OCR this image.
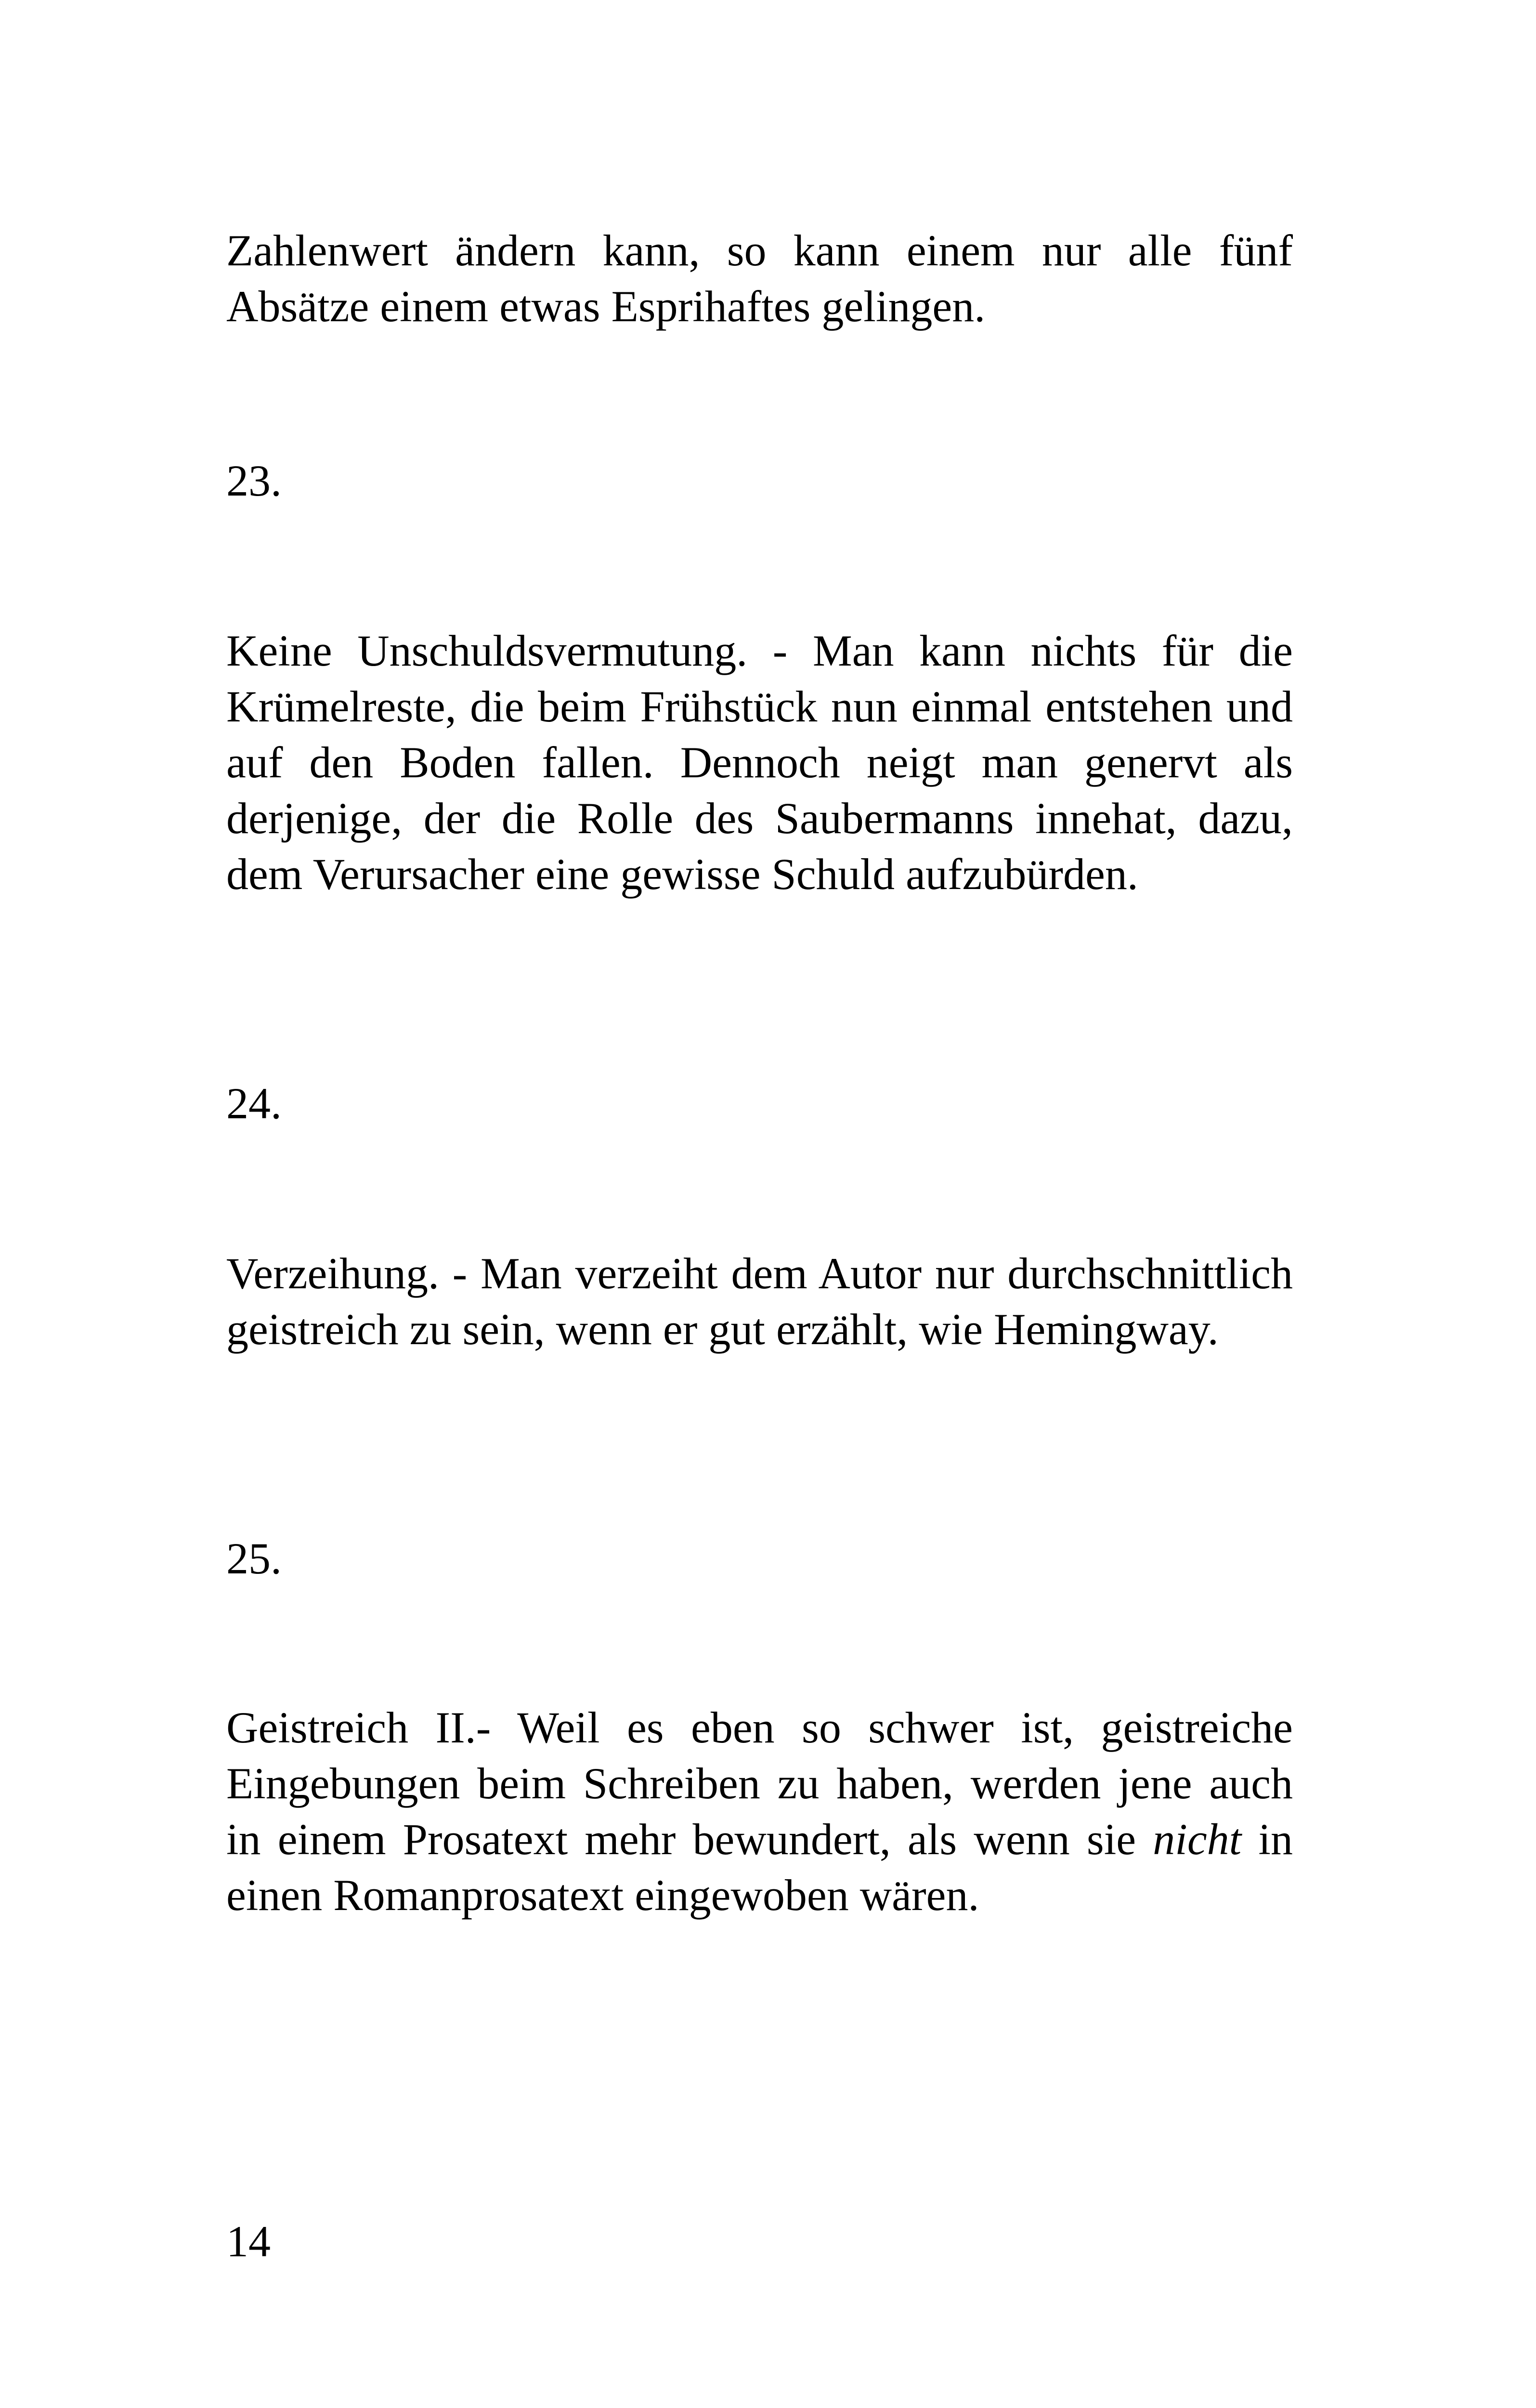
Zahlenwert ändern kann, so kann einem nur alle fünf Absätze einem etwas Esprihaftes gelingen.

23.

Keine Unschuldsvermutung. - Man kann nichts für die Krümelreste, die beim Frühstück nun einmal entstehen und auf den Boden fallen. Dennoch neigt man genervt als derjenige, der die Rolle des Saubermanns innehat, dazu, dem Verursacher eine gewisse Schuld aufzubürden.

24.

Verzeihung. - Man verzeiht dem Autor nur durchschnittlich geistreich zu sein, wenn er gut erzählt, wie Hemingway.

25.

Geistreich II.- Weil es eben so schwer ist, geistreiche Eingebungen beim Schreiben zu haben, werden jene auch in einem Prosatext mehr bewundert, als wenn sie nicht in einen Romanprosatext eingewoben wären.

14
